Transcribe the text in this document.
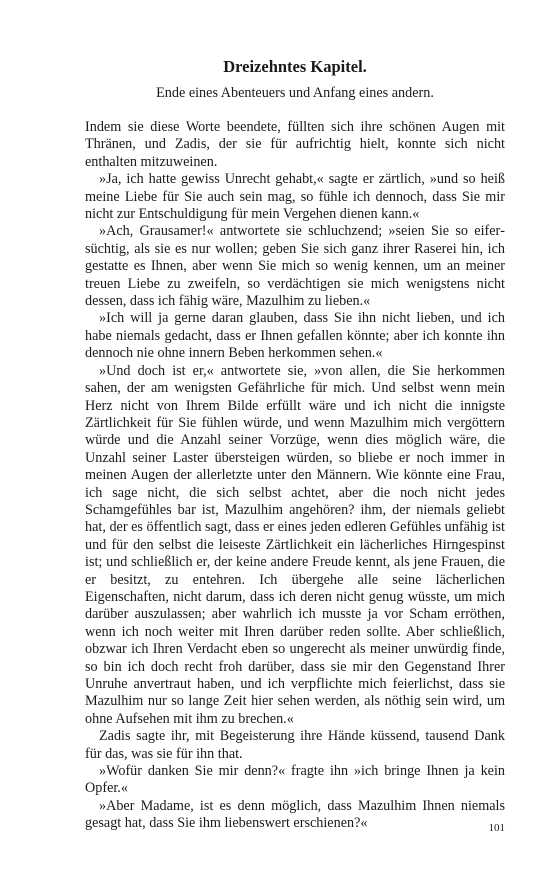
Dreizehntes Kapitel.
Ende eines Abenteuers und Anfang eines andern.

Indem sie diese Worte beendete, füllten sich ihre schönen Augen mit Thränen, und Zadis, der sie für aufrichtig hielt, konnte sich nicht enthalten mitzuweinen.

»Ja, ich hatte gewiss Unrecht gehabt,« sagte er zärtlich, »und so heiß meine Liebe für Sie auch sein mag, so fühle ich dennoch, dass Sie mir nicht zur Entschuldigung für mein Vergehen dienen kann.«

»Ach, Grausamer!« antwortete sie schluchzend; »seien Sie so eifersüchtig, als sie es nur wollen; geben Sie sich ganz ihrer Raserei hin, ich gestatte es Ihnen, aber wenn Sie mich so wenig kennen, um an meiner treuen Liebe zu zweifeln, so verdächtigen sie mich wenigstens nicht dessen, dass ich fähig wäre, Mazulhim zu lieben.«

»Ich will ja gerne daran glauben, dass Sie ihn nicht lieben, und ich habe niemals gedacht, dass er Ihnen gefallen könnte; aber ich konnte ihn dennoch nie ohne innern Beben herkommen sehen.«

»Und doch ist er,« antwortete sie, »von allen, die Sie herkommen sahen, der am wenigsten Gefährliche für mich. Und selbst wenn mein Herz nicht von Ihrem Bilde erfüllt wäre und ich nicht die innigste Zärtlichkeit für Sie fühlen würde, und wenn Mazulhim mich vergöttern würde und die Anzahl seiner Vorzüge, wenn dies möglich wäre, die Unzahl seiner Laster übersteigen würden, so bliebe er noch immer in meinen Augen der allerletzte unter den Männern. Wie könnte eine Frau, ich sage nicht, die sich selbst achtet, aber die noch nicht jedes Schamgefühles bar ist, Mazulhim angehören? ihm, der niemals geliebt hat, der es öffentlich sagt, dass er eines jeden edleren Gefühles unfähig ist und für den selbst die leiseste Zärtlichkeit ein lächerliches Hirngespinst ist; und schließlich er, der keine andere Freude kennt, als jene Frauen, die er besitzt, zu entehren. Ich übergehe alle seine lächerlichen Eigenschaften, nicht darum, dass ich deren nicht genug wüsste, um mich darüber auszulassen; aber wahrlich ich musste ja vor Scham erröthen, wenn ich noch weiter mit Ihren darüber reden sollte. Aber schließlich, obzwar ich Ihren Verdacht eben so ungerecht als meiner unwürdig finde, so bin ich doch recht froh darüber, dass sie mir den Gegenstand Ihrer Unruhe anvertraut haben, und ich verpflichte mich feierlichst, dass sie Mazulhim nur so lange Zeit hier sehen werden, als nöthig sein wird, um ohne Aufsehen mit ihm zu brechen.«

Zadis sagte ihr, mit Begeisterung ihre Hände küssend, tausend Dank für das, was sie für ihn that.

»Wofür danken Sie mir denn?« fragte ihn »ich bringe Ihnen ja kein Opfer.«

»Aber Madame, ist es denn möglich, dass Mazulhim Ihnen niemals gesagt hat, dass Sie ihm liebenswert erschienen?«	101
